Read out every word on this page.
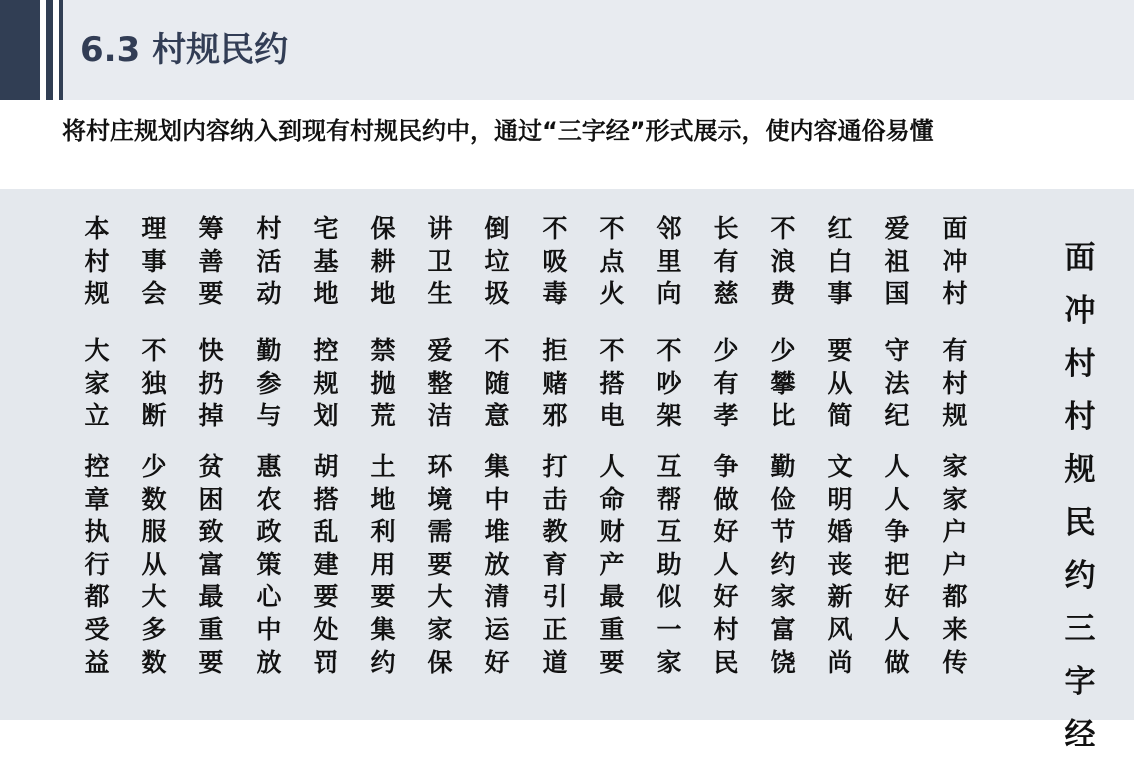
6.3 村规民约
将村庄规划内容纳入到现有村规民约中，通过“三字经”形式展示，使内容通俗易懂
面
冲
村
爱
祖
国
红
白
事
不
浪
费
长
有
慈
邻
里
向
不
点
火
不
吸
毒
倒
垃
圾
讲
卫
生
保
耕
地
宅
基
地
村
活
动
筹
善
要
理
事
会
本
村
规
有
村
规
守
法
纪
要
从
简
少
攀
比
少
有
孝
不
吵
架
不
搭
电
拒
赌
邪
不
随
意
爱
整
洁
禁
抛
荒
控
规
划
勤
参
与
快
扔
掉
不
独
断
大
家
立
家
家
户
户
都
来
传
人
人
争
把
好
人
做
文
明
婚
丧
新
风
尚
勤
俭
节
约
家
富
饶
争
做
好
人
好
村
民
互
帮
互
助
似
一
家
人
命
财
产
最
重
要
打
击
教
育
引
正
道
集
中
堆
放
清
运
好
环
境
需
要
大
家
保
土
地
利
用
要
集
约
胡
搭
乱
建
要
处
罚
惠
农
政
策
心
中
放
贫
困
致
富
最
重
要
少
数
服
从
大
多
数
控
章
执
行
都
受
益
面
冲
村
村
规
民
约
三
字
经
